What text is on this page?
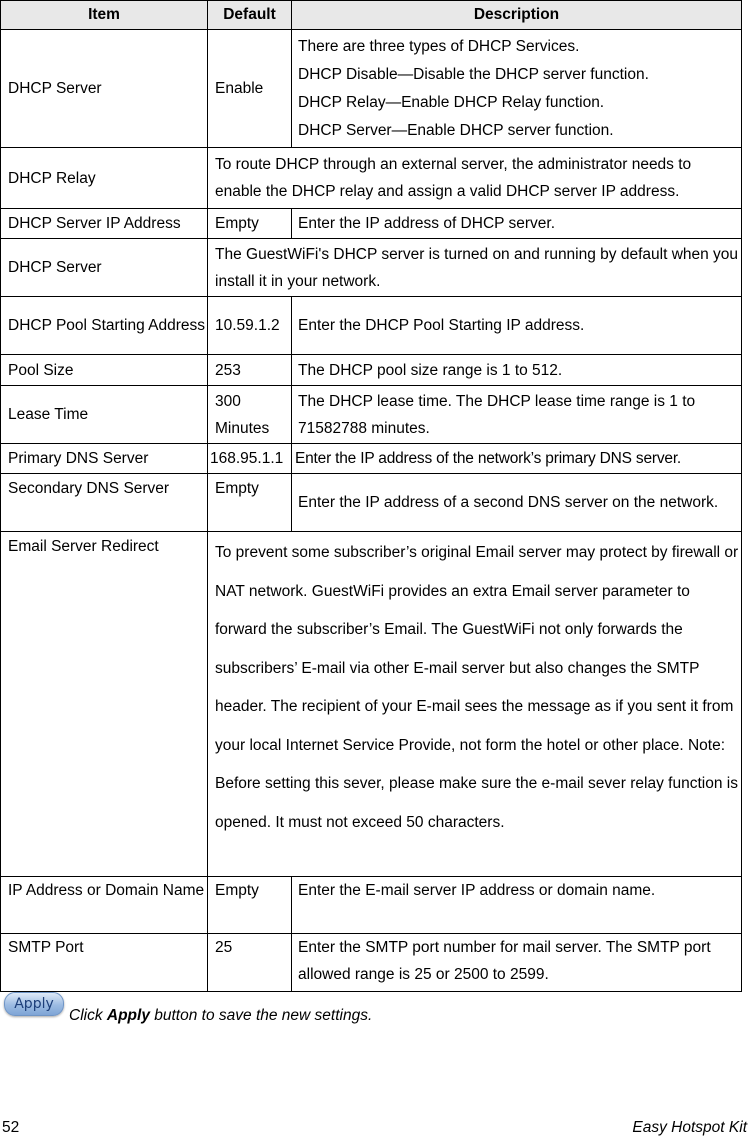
Item	Default	Description
DHCP Server	Enable	There are three types of DHCP Services.
DHCP Disable—Disable the DHCP server function.
DHCP Relay—Enable DHCP Relay function.
DHCP Server—Enable DHCP server function.

DHCP Relay	To route DHCP through an external server, the administrator needs to enable the DHCP relay and assign a valid DHCP server IP address.	
DHCP Server IP Address	Empty	Enter the IP address of DHCP server.
DHCP Server	The GuestWiFi's DHCP server is turned on and running by default when you install it in your network.	
DHCP Pool Starting Address	10.59.1.2	Enter the DHCP Pool Starting IP address.
Pool Size	253	The DHCP pool size range is 1 to 512.
Lease Time	300 Minutes	The DHCP lease time. The DHCP lease time range is 1 to 71582788 minutes.
Primary DNS Server	168.95.1.1	Enter the IP address of the network’s primary DNS server.
Secondary DNS Server	Empty	Enter the IP address of a second DNS server on the network.
Email Server Redirect	To prevent some subscriber’s original Email server may protect by firewall or NAT network. GuestWiFi provides an extra Email server parameter to forward the subscriber’s Email. The GuestWiFi not only forwards the subscribers’ E-mail via other E-mail server but also changes the SMTP header. The recipient of your E-mail sees the message as if you sent it from your local Internet Service Provide, not form the hotel or other place. Note: Before setting this sever, please make sure the e-mail sever relay function is opened. It must not exceed 50 characters.	
IP Address or Domain Name	Empty	Enter the E-mail server IP address or domain name.
SMTP Port	25	Enter the SMTP port number for mail server. The SMTP port allowed range is 25 or 2500 to 2599.
Apply
Click Apply button to save the new settings.
52	Easy Hotspot Kit
